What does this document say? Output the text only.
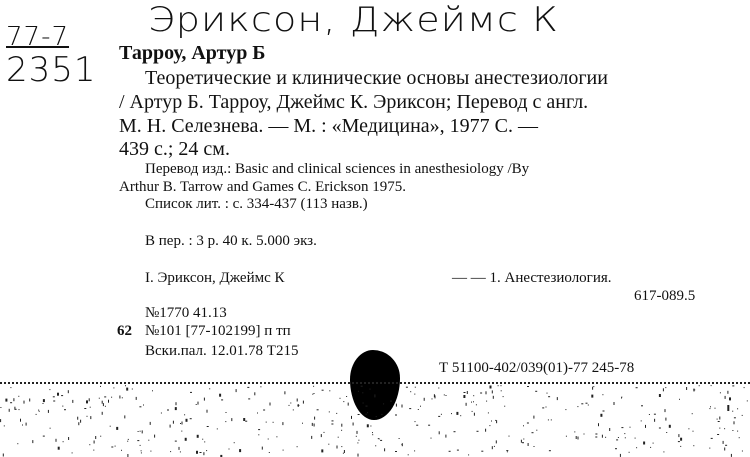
Эриксон, Джеймс К
77-7
2351 Тарроу, Артур Б
Теоретические и клинические основы анестезиологии
/ Артур Б. Тарроу, Джеймс К. Эриксон; Перевод с англ.
М. Н. Селезнева. — М. : «Медицина», 1977 С. —
439 с.; 24 см.
Перевод изд.: Basic and clinical sciences in anesthesiology /By
Arthur B. Tarrow and Games C. Erickson 1975.
Список лит. : с. 334-437 (113 назв.)
В пер. : 3 р. 40 к. 5.000 экз.
I. Эриксон, Джеймс К	— — 1. Анестезиология.
617-089.5
№1770 41.13
62 №101 [77-102199] п тп
Вски.пал. 12.01.78 Т215
Т 51100-402/039(01)-77 245-78
